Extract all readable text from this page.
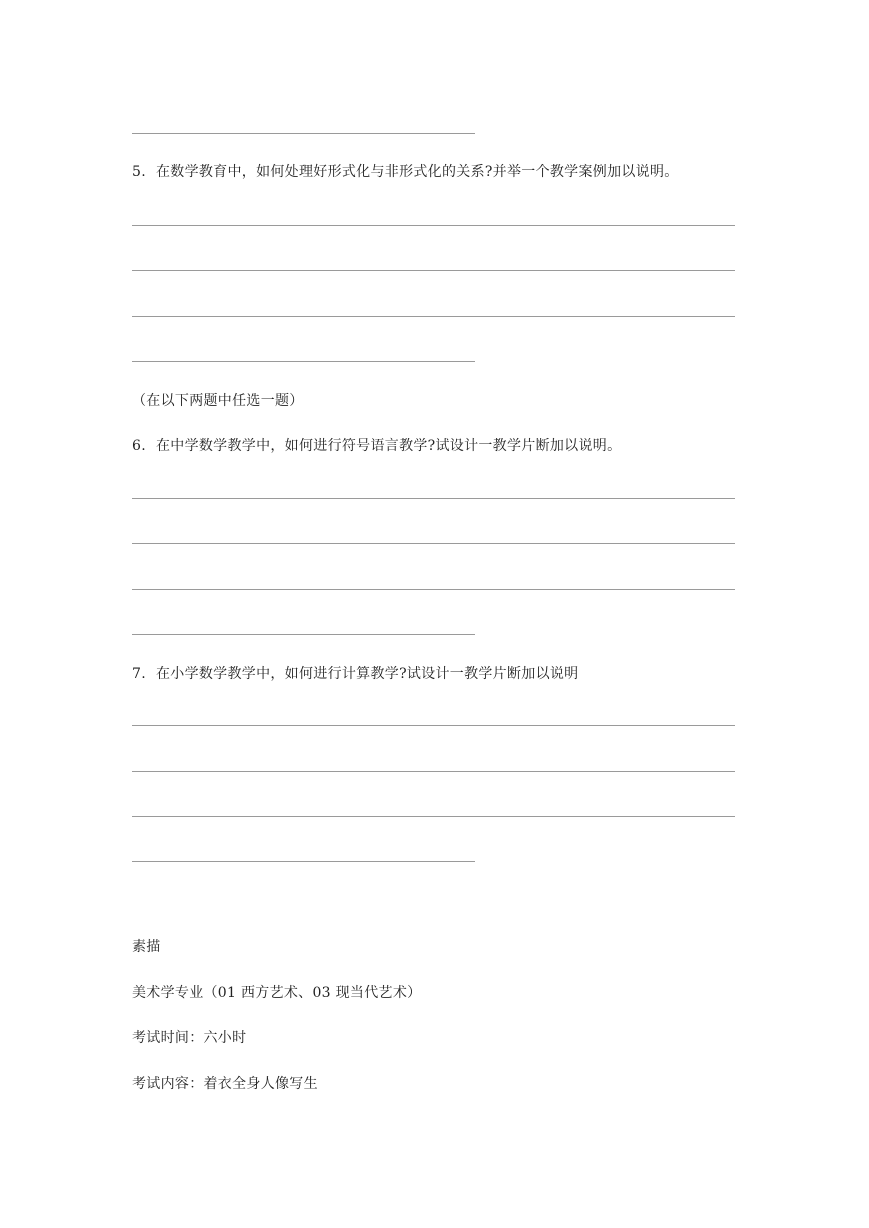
5. 在数学教育中，如何处理好形式化与非形式化的关系?并举一个教学案例加以说明。
（在以下两题中任选一题）
6. 在中学数学教学中，如何进行符号语言教学?试设计一教学片断加以说明。
7. 在小学数学教学中，如何进行计算教学?试设计一教学片断加以说明
素描
美术学专业（01 西方艺术、03 现当代艺术）
考试时间：六小时
考试内容：着衣全身人像写生
